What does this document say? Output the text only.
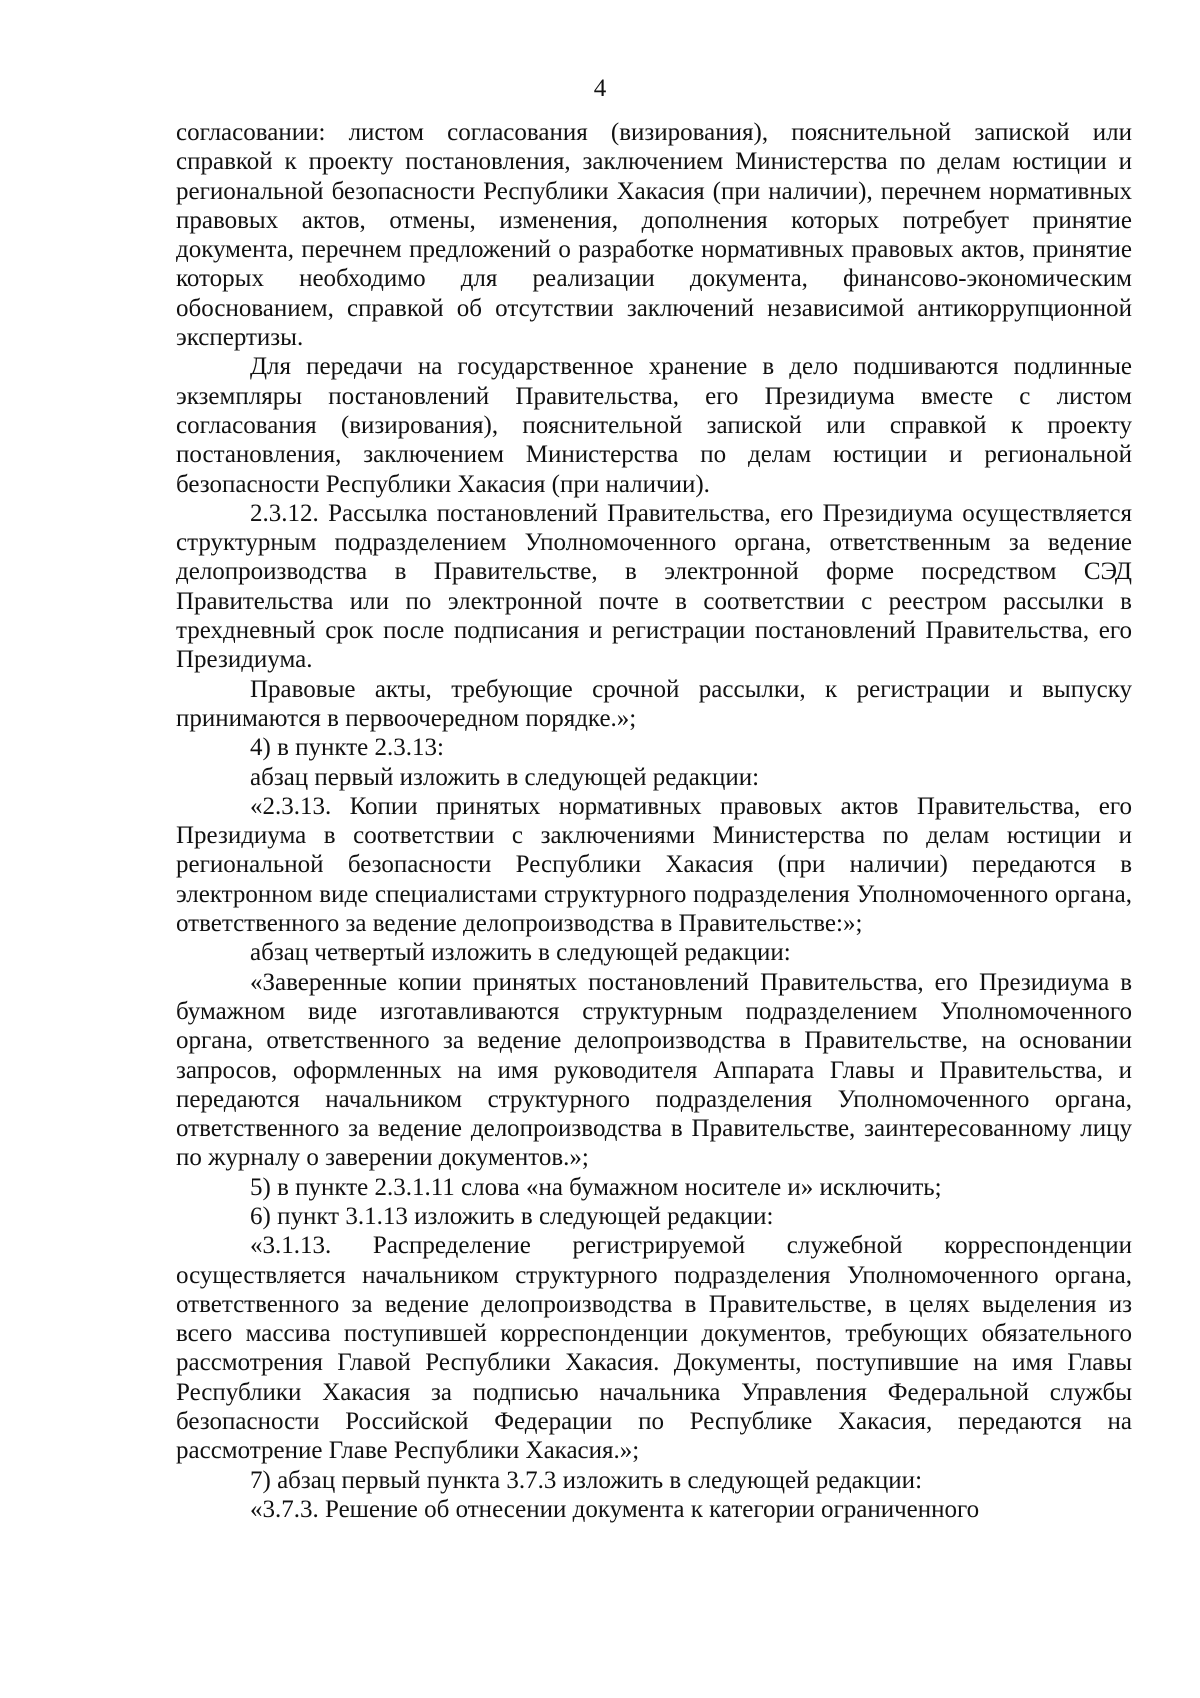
4

согласовании: листом согласования (визирования), пояснительной запиской или справкой к проекту постановления, заключением Министерства по делам юстиции и региональной безопасности Республики Хакасия (при наличии), перечнем нормативных правовых актов, отмены, изменения, дополнения которых потребует принятие документа, перечнем предложений о разработке нормативных правовых актов, принятие которых необходимо для реализации документа, финансово-экономическим обоснованием, справкой об отсутствии заключений независимой антикоррупционной экспертизы.

Для передачи на государственное хранение в дело подшиваются подлинные экземпляры постановлений Правительства, его Президиума вместе с листом согласования (визирования), пояснительной запиской или справкой к проекту постановления, заключением Министерства по делам юстиции и региональной безопасности Республики Хакасия (при наличии).

2.3.12. Рассылка постановлений Правительства, его Президиума осуществляется структурным подразделением Уполномоченного органа, ответственным за ведение делопроизводства в Правительстве, в электронной форме посредством СЭД Правительства или по электронной почте в соответствии с реестром рассылки в трехдневный срок после подписания и регистрации постановлений Правительства, его Президиума.

Правовые акты, требующие срочной рассылки, к регистрации и выпуску принимаются в первоочередном порядке.»;

4) в пункте 2.3.13:

абзац первый изложить в следующей редакции:

«2.3.13. Копии принятых нормативных правовых актов Правительства, его Президиума в соответствии с заключениями Министерства по делам юстиции и региональной безопасности Республики Хакасия (при наличии) передаются в электронном виде специалистами структурного подразделения Уполномоченного органа, ответственного за ведение делопроизводства в Правительстве:»;

абзац четвертый изложить в следующей редакции:

«Заверенные копии принятых постановлений Правительства, его Президиума в бумажном виде изготавливаются структурным подразделением Уполномоченного органа, ответственного за ведение делопроизводства в Правительстве, на основании запросов, оформленных на имя руководителя Аппарата Главы и Правительства, и передаются начальником структурного подразделения Уполномоченного органа, ответственного за ведение делопроизводства в Правительстве, заинтересованному лицу по журналу о заверении документов.»;

5) в пункте 2.3.1.11 слова «на бумажном носителе и» исключить;

6) пункт 3.1.13 изложить в следующей редакции:

«3.1.13. Распределение регистрируемой служебной корреспонденции осуществляется начальником структурного подразделения Уполномоченного органа, ответственного за ведение делопроизводства в Правительстве, в целях выделения из всего массива поступившей корреспонденции документов, требующих обязательного рассмотрения Главой Республики Хакасия. Документы, поступившие на имя Главы Республики Хакасия за подписью начальника Управления Федеральной службы безопасности Российской Федерации по Республике Хакасия, передаются на рассмотрение Главе Республики Хакасия.»;

7) абзац первый пункта 3.7.3 изложить в следующей редакции:

«3.7.3. Решение об отнесении документа к категории ограниченного
